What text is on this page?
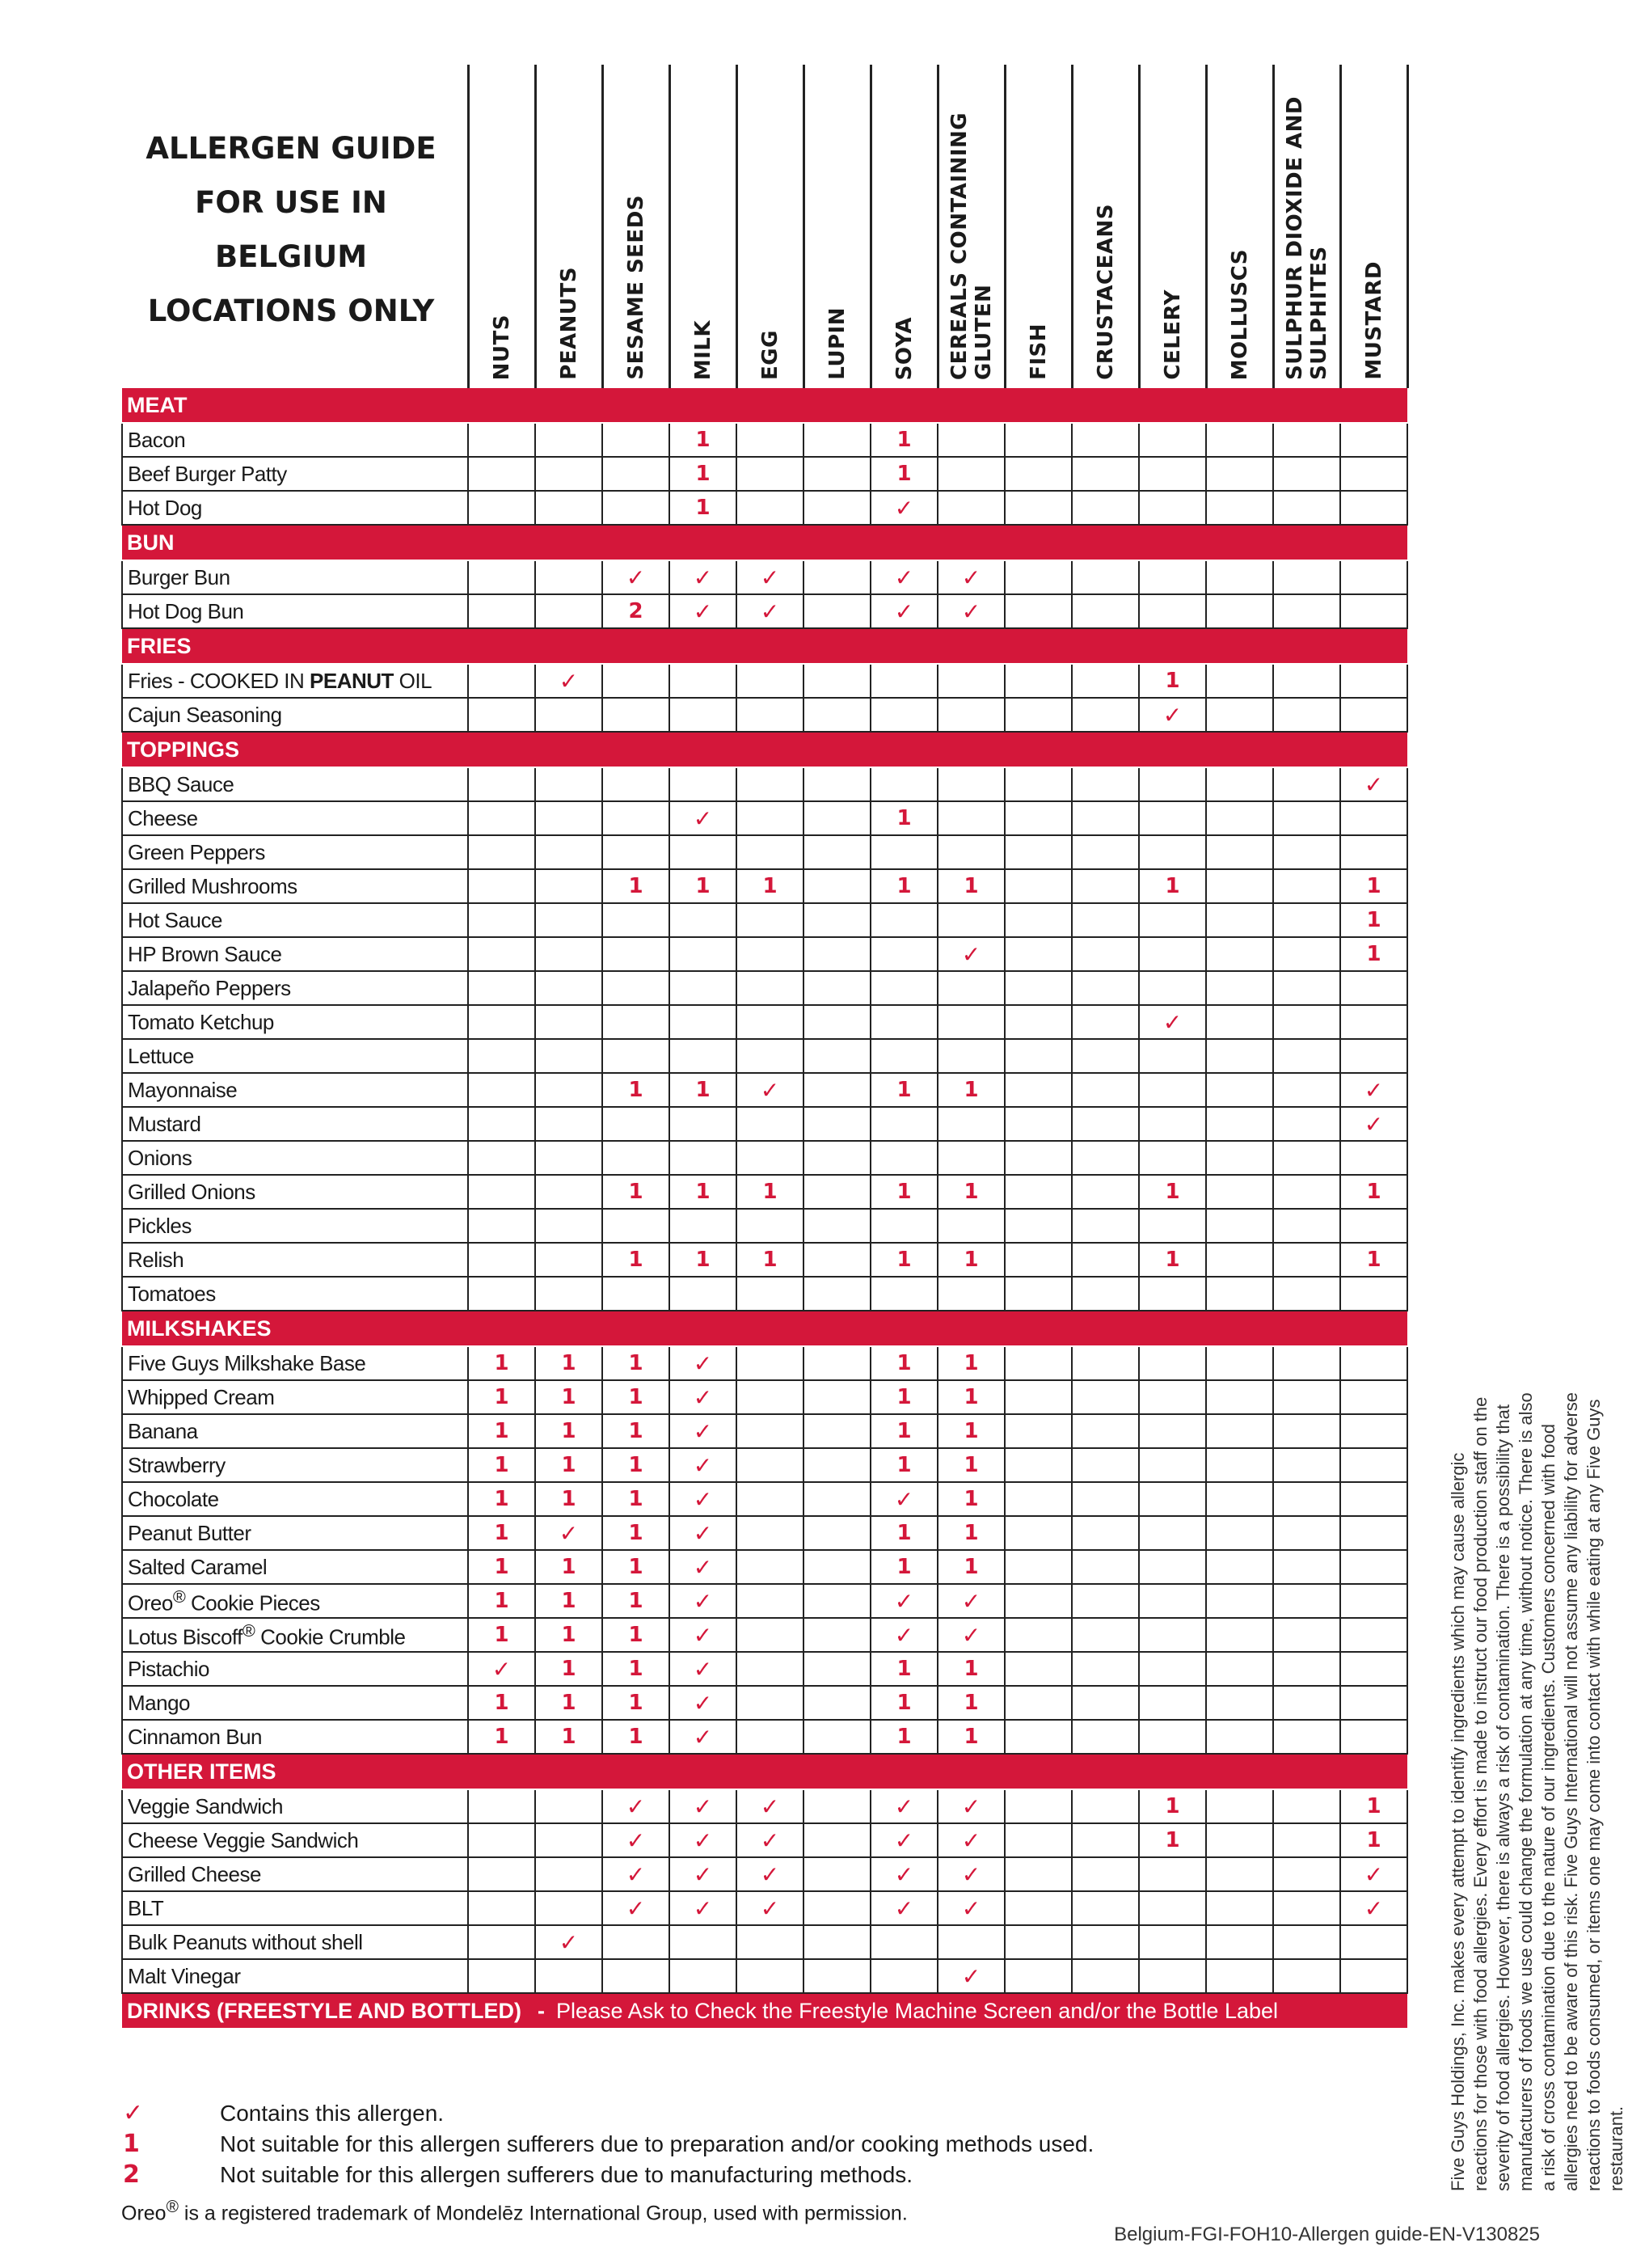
ALLERGEN GUIDE
FOR USE IN
BELGIUM
LOCATIONS ONLY

	NUTS	PEANUTS	SESAME SEEDS	MILK	EGG	LUPIN	SOYA	CEREALS CONTAINING GLUTEN	FISH	CRUSTACEANS	CELERY	MOLLUSCS	SULPHUR DIOXIDE AND SULPHITES	MUSTARD

MEAT														
Bacon				1			1							
Beef Burger Patty				1			1							
Hot Dog				1			✓							
BUN														
Burger Bun			✓	✓	✓		✓	✓						
Hot Dog Bun			2	✓	✓		✓	✓						
FRIES														
Fries - COOKED IN PEANUT OIL		✓									1			
Cajun Seasoning											✓			
TOPPINGS														
BBQ Sauce														✓
Cheese				✓			1							
Green Peppers														
Grilled Mushrooms			1	1	1		1	1			1			1
Hot Sauce														1
HP Brown Sauce								✓						1
Jalapeño Peppers														
Tomato Ketchup											✓			
Lettuce														
Mayonnaise			1	1	✓		1	1						✓
Mustard														✓
Onions														
Grilled Onions			1	1	1		1	1			1			1
Pickles														
Relish			1	1	1		1	1			1			1
Tomatoes														
MILKSHAKES														
Five Guys Milkshake Base	1	1	1	✓			1	1						
Whipped Cream	1	1	1	✓			1	1						
Banana	1	1	1	✓			1	1						
Strawberry	1	1	1	✓			1	1						
Chocolate	1	1	1	✓			✓	1						
Peanut Butter	1	✓	1	✓			1	1						
Salted Caramel	1	1	1	✓			1	1						
Oreo® Cookie Pieces	1	1	1	✓			✓	✓						
Lotus Biscoff® Cookie Crumble	1	1	1	✓			✓	✓						
Pistachio	✓	1	1	✓			1	1						
Mango	1	1	1	✓			1	1						
Cinnamon Bun	1	1	1	✓			1	1						
OTHER ITEMS														
Veggie Sandwich			✓	✓	✓		✓	✓			1			1
Cheese Veggie Sandwich			✓	✓	✓		✓	✓			1			1
Grilled Cheese			✓	✓	✓		✓	✓						✓
BLT			✓	✓	✓		✓	✓						✓
Bulk Peanuts without shell		✓												
Malt Vinegar								✓						
DRINKS (FREESTYLE AND BOTTLED) - Please Ask to Check the Freestyle Machine Screen and/or the Bottle Label														
✓	Contains this allergen.
1	Not suitable for this allergen sufferers due to preparation and/or cooking methods used.
2	Not suitable for this allergen sufferers due to manufacturing methods.
Oreo® is a registered trademark of Mondelēz International Group, used with permission.
Five Guys Holdings, Inc. makes every attempt to identify ingredients which may cause allergic reactions for those with food allergies. Every effort is made to instruct our food production staff on the severity of food allergies. However, there is always a risk of contamination. There is a possibility that manufacturers of foods we use could change the formulation at any time, without notice. There is also a risk of cross contamination due to the nature of our ingredients. Customers concerned with food allergies need to be aware of this risk. Five Guys International will not assume any liability for adverse reactions to foods consumed, or items one may come into contact with while eating at any Five Guys restaurant.
Belgium-FGI-FOH10-Allergen guide-EN-V130825
